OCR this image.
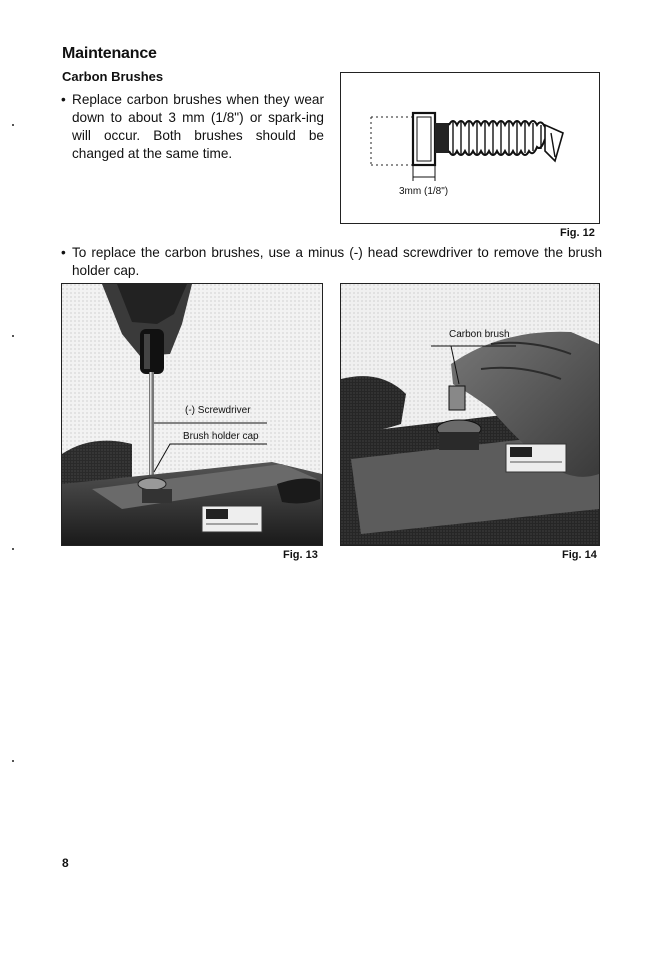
Maintenance
Carbon Brushes
• Replace carbon brushes when they wear down to about 3 mm (1/8") or spark-ing will occur. Both brushes should be changed at the same time.
3mm (1/8")
Fig. 12
• To replace the carbon brushes, use a minus (-) head screwdriver to remove the brush holder cap.
(-) Screwdriver
Brush holder cap
Fig. 13
Carbon brush
Fig. 14
8
